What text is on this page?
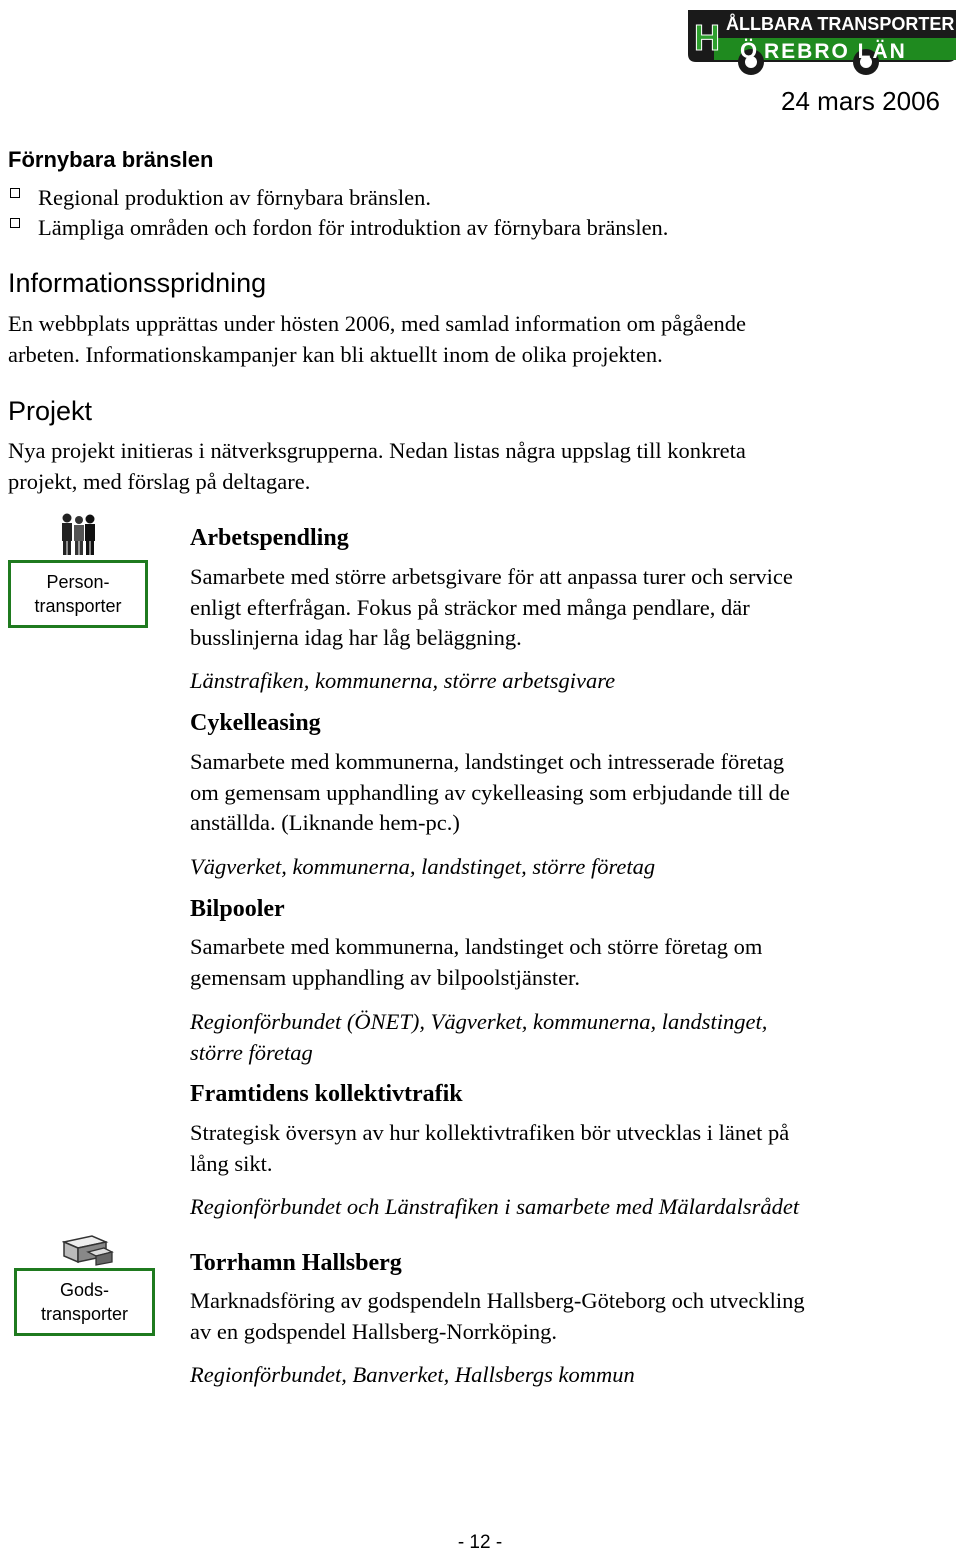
H ÅLLBARA TRANSPORTER
REBRO LÄN
Ö
24 mars 2006
Förnybara bränslen
Regional produktion av förnybara bränslen.
Lämpliga områden och fordon för introduktion av förnybara bränslen.
Informationsspridning
En webbplats upprättas under hösten 2006, med samlad information om pågående
arbeten. Informationskampanjer kan bli aktuellt inom de olika projekten.
Projekt
Nya projekt initieras i nätverksgrupperna. Nedan listas några uppslag till konkreta
projekt, med förslag på deltagare.
Person-
transporter
Gods-
transporter
Arbetspendling
Samarbete med större arbetsgivare för att anpassa turer och service
enligt efterfrågan. Fokus på sträckor med många pendlare, där
busslinjerna idag har låg beläggning.
Länstrafiken, kommunerna, större arbetsgivare
Cykelleasing
Samarbete med kommunerna, landstinget och intresserade företag
om gemensam upphandling av cykelleasing som erbjudande till de
anställda. (Liknande hem-pc.)
Vägverket, kommunerna, landstinget, större företag
Bilpooler
Samarbete med kommunerna, landstinget och större företag om
gemensam upphandling av bilpoolstjänster.
Regionförbundet (ÖNET), Vägverket, kommunerna, landstinget,
större företag
Framtidens kollektivtrafik
Strategisk översyn av hur kollektivtrafiken bör utvecklas i länet på
lång sikt.
Regionförbundet och Länstrafiken i samarbete med Mälardalsrådet
Torrhamn Hallsberg
Marknadsföring av godspendeln Hallsberg-Göteborg och utveckling
av en godspendel Hallsberg-Norrköping.
Regionförbundet, Banverket, Hallsbergs kommun
- 12 -
